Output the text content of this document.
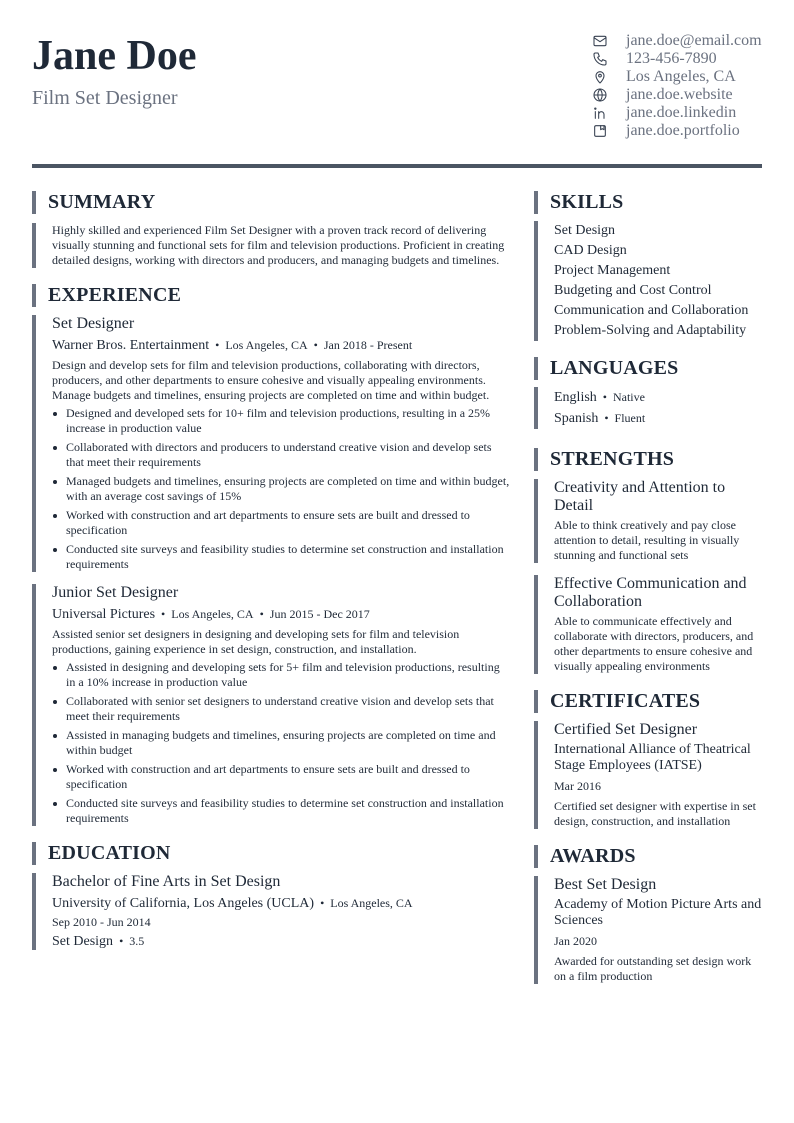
Jane Doe
Film Set Designer
jane.doe@email.com
123-456-7890
Los Angeles, CA
jane.doe.website
jane.doe.linkedin
jane.doe.portfolio
SUMMARY
Highly skilled and experienced Film Set Designer with a proven track record of delivering visually stunning and functional sets for film and television productions. Proficient in creating detailed designs, working with directors and producers, and managing budgets and timelines.
EXPERIENCE
Set Designer
Warner Bros. Entertainment • Los Angeles, CA • Jan 2018 - Present
Design and develop sets for film and television productions, collaborating with directors, producers, and other departments to ensure cohesive and visually appealing environments. Manage budgets and timelines, ensuring projects are completed on time and within budget.
Designed and developed sets for 10+ film and television productions, resulting in a 25% increase in production value
Collaborated with directors and producers to understand creative vision and develop sets that meet their requirements
Managed budgets and timelines, ensuring projects are completed on time and within budget, with an average cost savings of 15%
Worked with construction and art departments to ensure sets are built and dressed to specification
Conducted site surveys and feasibility studies to determine set construction and installation requirements
Junior Set Designer
Universal Pictures • Los Angeles, CA • Jun 2015 - Dec 2017
Assisted senior set designers in designing and developing sets for film and television productions, gaining experience in set design, construction, and installation.
Assisted in designing and developing sets for 5+ film and television productions, resulting in a 10% increase in production value
Collaborated with senior set designers to understand creative vision and develop sets that meet their requirements
Assisted in managing budgets and timelines, ensuring projects are completed on time and within budget
Worked with construction and art departments to ensure sets are built and dressed to specification
Conducted site surveys and feasibility studies to determine set construction and installation requirements
EDUCATION
Bachelor of Fine Arts in Set Design
University of California, Los Angeles (UCLA) • Los Angeles, CA
Sep 2010 - Jun 2014
Set Design • 3.5
SKILLS
Set Design
CAD Design
Project Management
Budgeting and Cost Control
Communication and Collaboration
Problem-Solving and Adaptability
LANGUAGES
English • Native
Spanish • Fluent
STRENGTHS
Creativity and Attention to Detail
Able to think creatively and pay close attention to detail, resulting in visually stunning and functional sets
Effective Communication and Collaboration
Able to communicate effectively and collaborate with directors, producers, and other departments to ensure cohesive and visually appealing environments
CERTIFICATES
Certified Set Designer
International Alliance of Theatrical Stage Employees (IATSE)
Mar 2016
Certified set designer with expertise in set design, construction, and installation
AWARDS
Best Set Design
Academy of Motion Picture Arts and Sciences
Jan 2020
Awarded for outstanding set design work on a film production
